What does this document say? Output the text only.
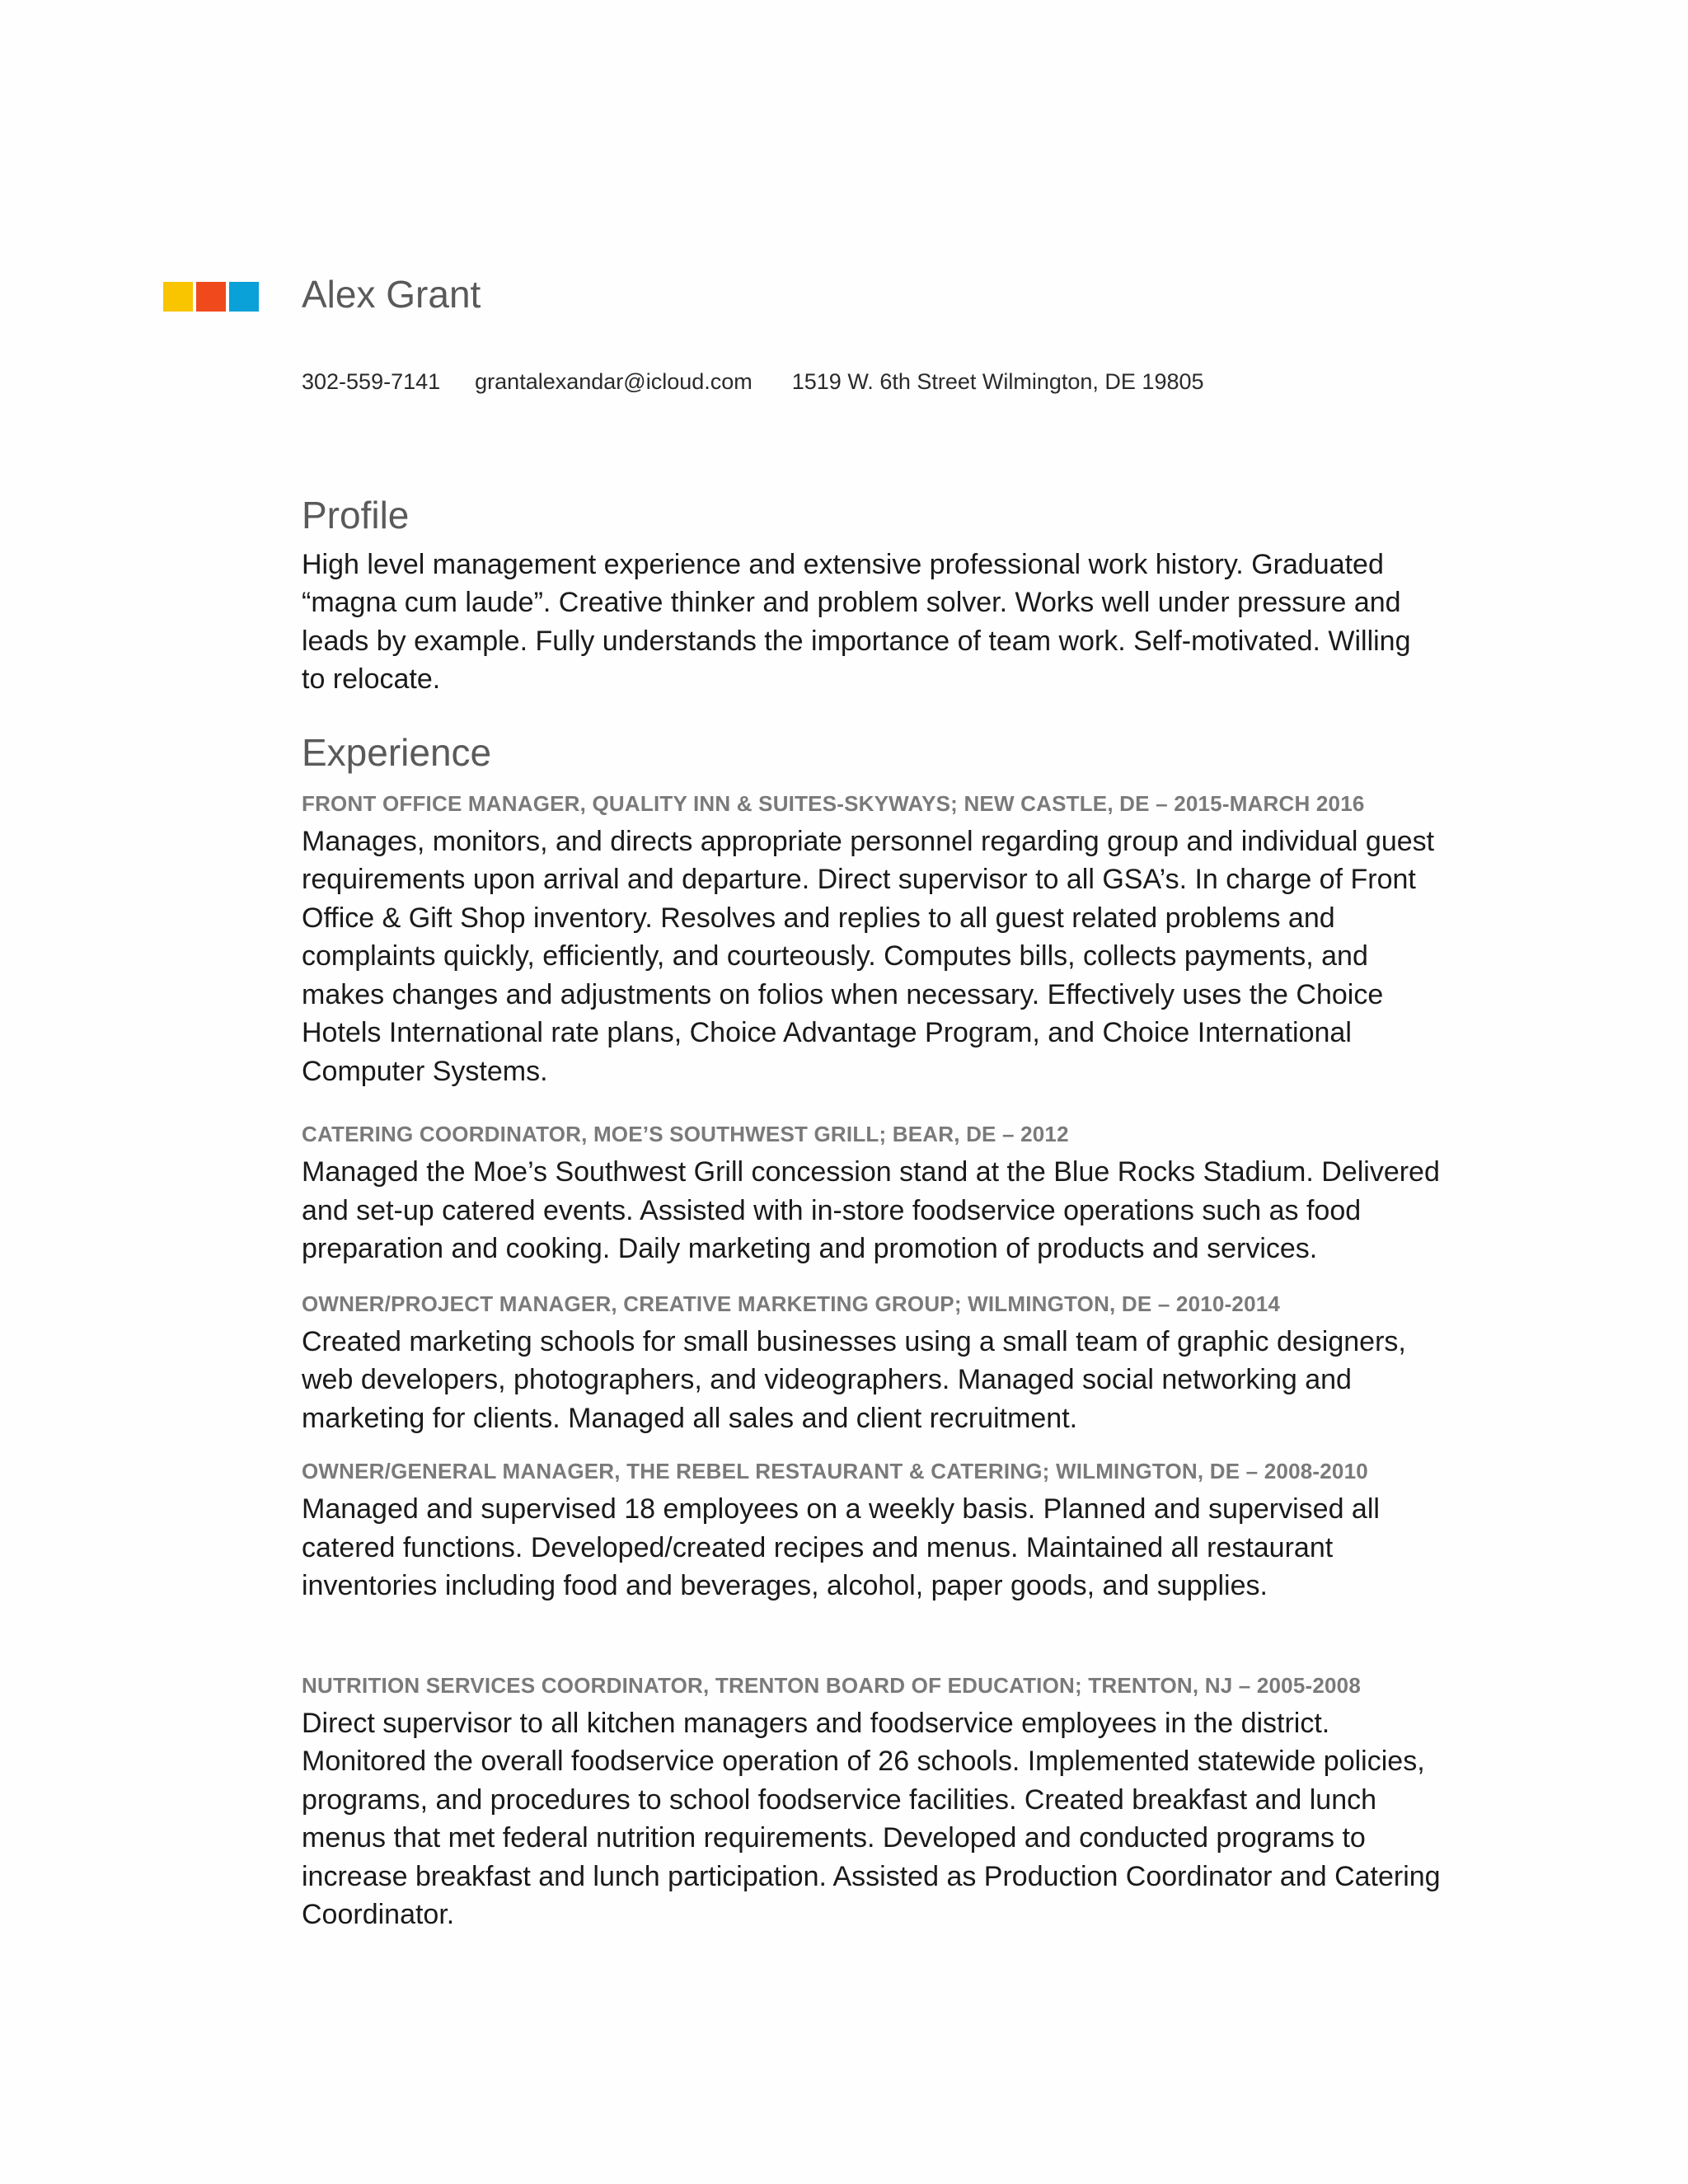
Alex Grant
302-559-7141 grantalexandar@icloud.com 1519 W. 6th Street Wilmington, DE 19805
Profile

High level management experience and extensive professional work history. Graduated “magna cum laude”. Creative thinker and problem solver. Works well under pressure and leads by example. Fully understands the importance of team work. Self-motivated. Willing to relocate.

Experience

FRONT OFFICE MANAGER, QUALITY INN & SUITES-SKYWAYS; NEW CASTLE, DE – 2015-MARCH 2016

Manages, monitors, and directs appropriate personnel regarding group and individual guest requirements upon arrival and departure. Direct supervisor to all GSA’s. In charge of Front Office & Gift Shop inventory. Resolves and replies to all guest related problems and complaints quickly, efficiently, and courteously. Computes bills, collects payments, and makes changes and adjustments on folios when necessary. Effectively uses the Choice Hotels International rate plans, Choice Advantage Program, and Choice International Computer Systems.

CATERING COORDINATOR, MOE’S SOUTHWEST GRILL; BEAR, DE – 2012

Managed the Moe’s Southwest Grill concession stand at the Blue Rocks Stadium. Delivered and set-up catered events. Assisted with in-store foodservice operations such as food preparation and cooking. Daily marketing and promotion of products and services.

OWNER/PROJECT MANAGER, CREATIVE MARKETING GROUP; WILMINGTON, DE – 2010-2014

Created marketing schools for small businesses using a small team of graphic designers, web developers, photographers, and videographers. Managed social networking and marketing for clients. Managed all sales and client recruitment.

OWNER/GENERAL MANAGER, THE REBEL RESTAURANT & CATERING; WILMINGTON, DE – 2008-2010

Managed and supervised 18 employees on a weekly basis. Planned and supervised all catered functions. Developed/created recipes and menus. Maintained all restaurant inventories including food and beverages, alcohol, paper goods, and supplies.

NUTRITION SERVICES COORDINATOR, TRENTON BOARD OF EDUCATION; TRENTON, NJ – 2005-2008

Direct supervisor to all kitchen managers and foodservice employees in the district. Monitored the overall foodservice operation of 26 schools. Implemented statewide policies, programs, and procedures to school foodservice facilities. Created breakfast and lunch menus that met federal nutrition requirements. Developed and conducted programs to increase breakfast and lunch participation. Assisted as Production Coordinator and Catering Coordinator.
